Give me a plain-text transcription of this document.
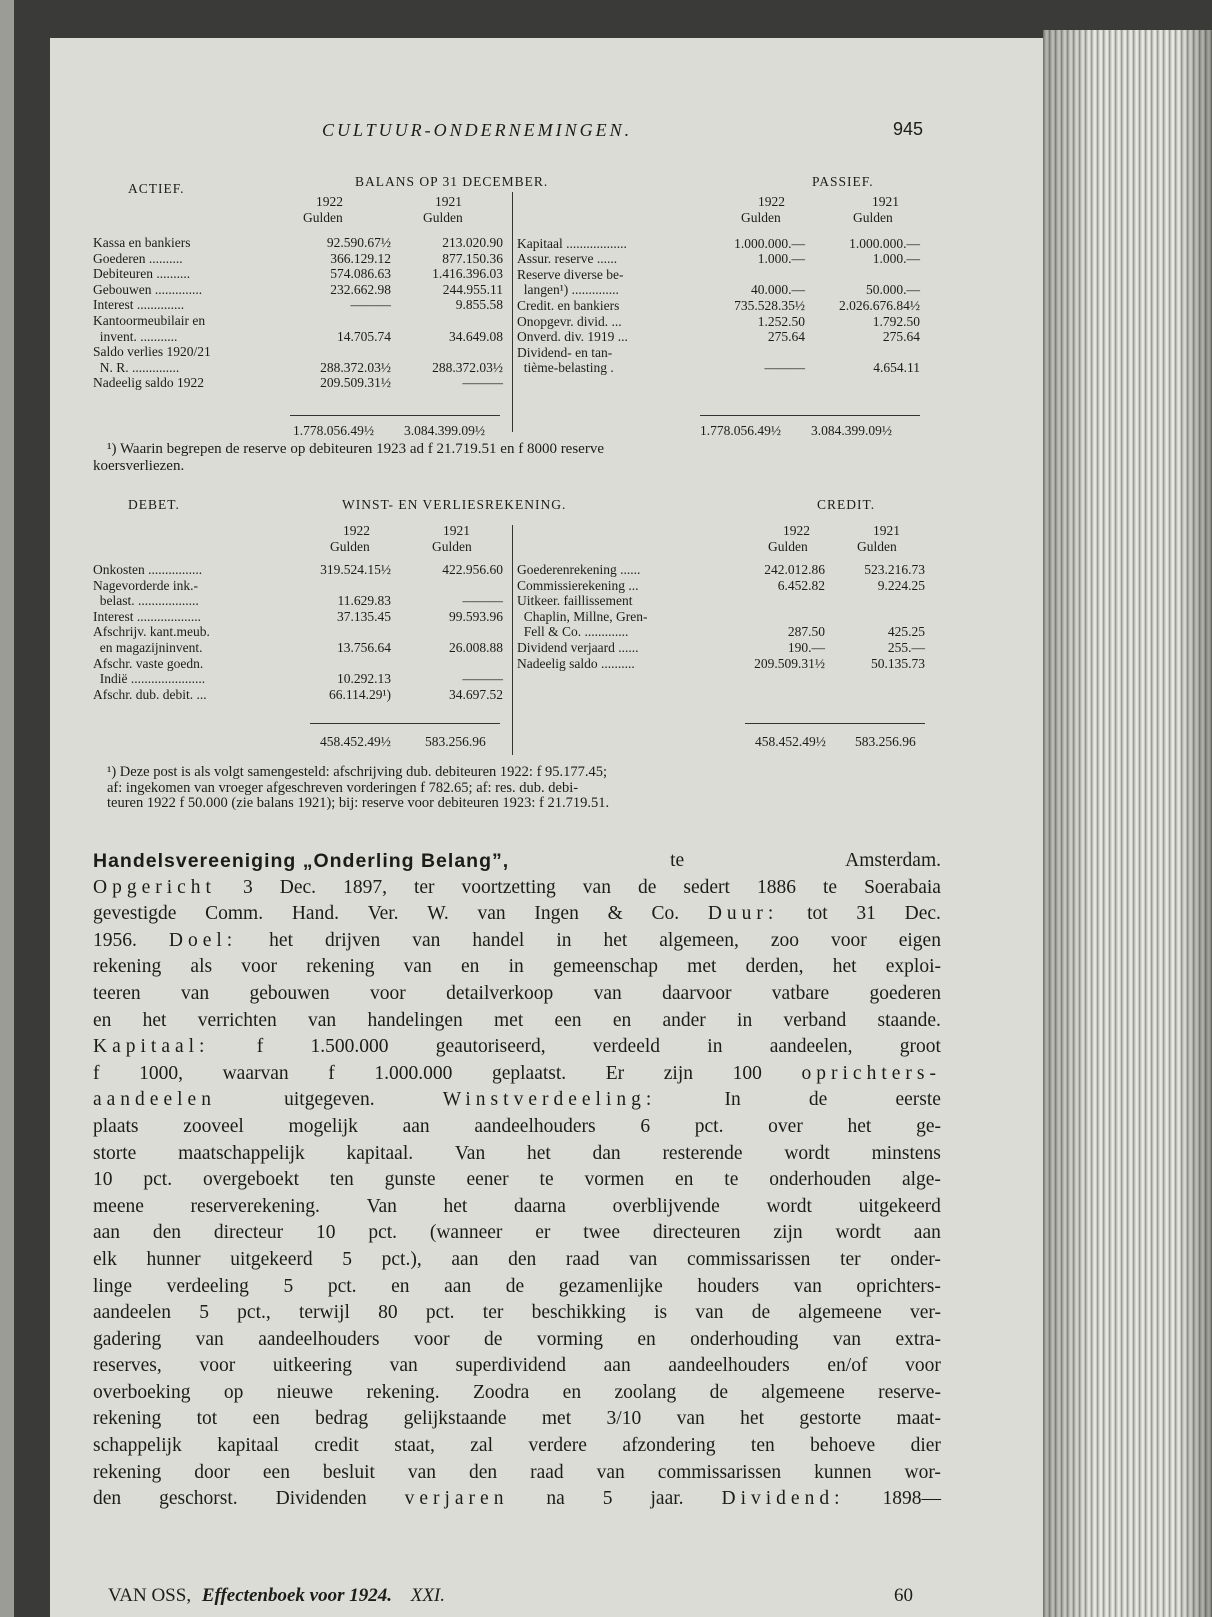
CULTUUR-ONDERNEMINGEN.	945
ACTIEF.	BALANS OP 31 DECEMBER.	PASSIEF.
1922	1921
Gulden	Gulden
1922	1921
Gulden	Gulden
Kassa en bankiers	92.590.67½	213.020.90
Goederen ..........	366.129.12	877.150.36
Debiteuren ..........	574.086.63	1.416.396.03
Gebouwen ..............	232.662.98	244.955.11
Interest ..............	———	9.855.58
Kantoormeubilair en
invent. ...........	14.705.74	34.649.08
Saldo verlies 1920/21
N. R. ..............	288.372.03½	288.372.03½
Nadeelig saldo 1922	209.509.31½	———
Kapitaal ..................	1.000.000.—	1.000.000.—
Assur. reserve ......	1.000.—	1.000.—
Reserve diverse be-
langen¹) ..............	40.000.—	50.000.—
Credit. en bankiers	735.528.35½	2.026.676.84½
Onopgevr. divid. ...	1.252.50	1.792.50
Onverd. div. 1919 ...	275.64	275.64
Dividend- en tan-
tième-belasting .	———	4.654.11
1.778.056.49½ 3.084.399.09½	1.778.056.49½ 3.084.399.09½
¹) Waarin begrepen de reserve op debiteuren 1923 ad f 21.719.51 en f 8000 reserve
koersverliezen.
DEBET.	WINST- EN VERLIESREKENING.	CREDIT.
1922	1921
Gulden	Gulden
1922	1921
Gulden	Gulden
Onkosten ................	319.524.15½	422.956.60
Nagevorderde ink.-
belast. ..................	11.629.83	———
Interest ...................	37.135.45	99.593.96
Afschrijv. kant.meub.
en magazijninvent.	13.756.64	26.008.88
Afschr. vaste goedn.
Indië ......................	10.292.13	———
Afschr. dub. debit. ...	66.114.29¹)	34.697.52
Goederenrekening ......	242.012.86	523.216.73
Commissierekening ...	6.452.82	9.224.25
Uitkeer. faillissement
Chaplin, Millne, Gren-
Fell & Co. .............	287.50	425.25
Dividend verjaard ......	190.—	255.—
Nadeelig saldo ..........	209.509.31½	50.135.73
458.452.49½	583.256.96	458.452.49½ 583.256.96
¹) Deze post is als volgt samengesteld: afschrijving dub. debiteuren 1922: f 95.177.45;
af: ingekomen van vroeger afgeschreven vorderingen f 782.65; af: res. dub. debi-
teuren 1922 f 50.000 (zie balans 1921); bij: reserve voor debiteuren 1923: f 21.719.51.
Handelsvereeniging „Onderling Belang”,	te	Amsterdam.
Opgericht 3 Dec. 1897, ter voortzetting van de sedert 1886 te Soerabaia
gevestigde Comm. Hand. Ver. W. van Ingen & Co. Duur: tot 31 Dec.
1956. Doel: het drijven van handel in het algemeen, zoo voor eigen
rekening als voor rekening van en in gemeenschap met derden, het exploi-
teeren van gebouwen voor detailverkoop van daarvoor vatbare goederen
en het verrichten van handelingen met een en ander in verband staande.
Kapitaal: f 1.500.000 geautoriseerd, verdeeld in aandeelen, groot
f 1000, waarvan f 1.000.000 geplaatst. Er zijn 100 oprichters-
aandeelen	uitgegeven.	Winstverdeeling:	In	de	eerste
plaats zooveel mogelijk aan aandeelhouders 6 pct. over het ge-
storte maatschappelijk kapitaal. Van het dan resterende wordt minstens
10 pct. overgeboekt ten gunste eener te vormen en te onderhouden alge-
meene reserverekening. Van het daarna overblijvende wordt uitgekeerd
aan den directeur 10 pct. (wanneer er twee directeuren zijn wordt aan
elk hunner uitgekeerd 5 pct.), aan den raad van commissarissen ter onder-
linge verdeeling 5 pct. en aan de gezamenlijke houders van oprichters-
aandeelen 5 pct., terwijl 80 pct. ter beschikking is van de algemeene ver-
gadering van aandeelhouders voor de vorming en onderhouding van extra-
reserves, voor uitkeering van superdividend aan aandeelhouders en/of voor
overboeking op nieuwe rekening. Zoodra en zoolang de algemeene reserve-
rekening tot een bedrag gelijkstaande met 3/10 van het gestorte maat-
schappelijk kapitaal credit staat, zal verdere afzondering ten behoeve dier
rekening door een besluit van den raad van commissarissen kunnen wor-
den geschorst. Dividenden verjaren na 5 jaar. Dividend: 1898—
VAN OSS, Effectenboek voor 1924. XXI.	60
